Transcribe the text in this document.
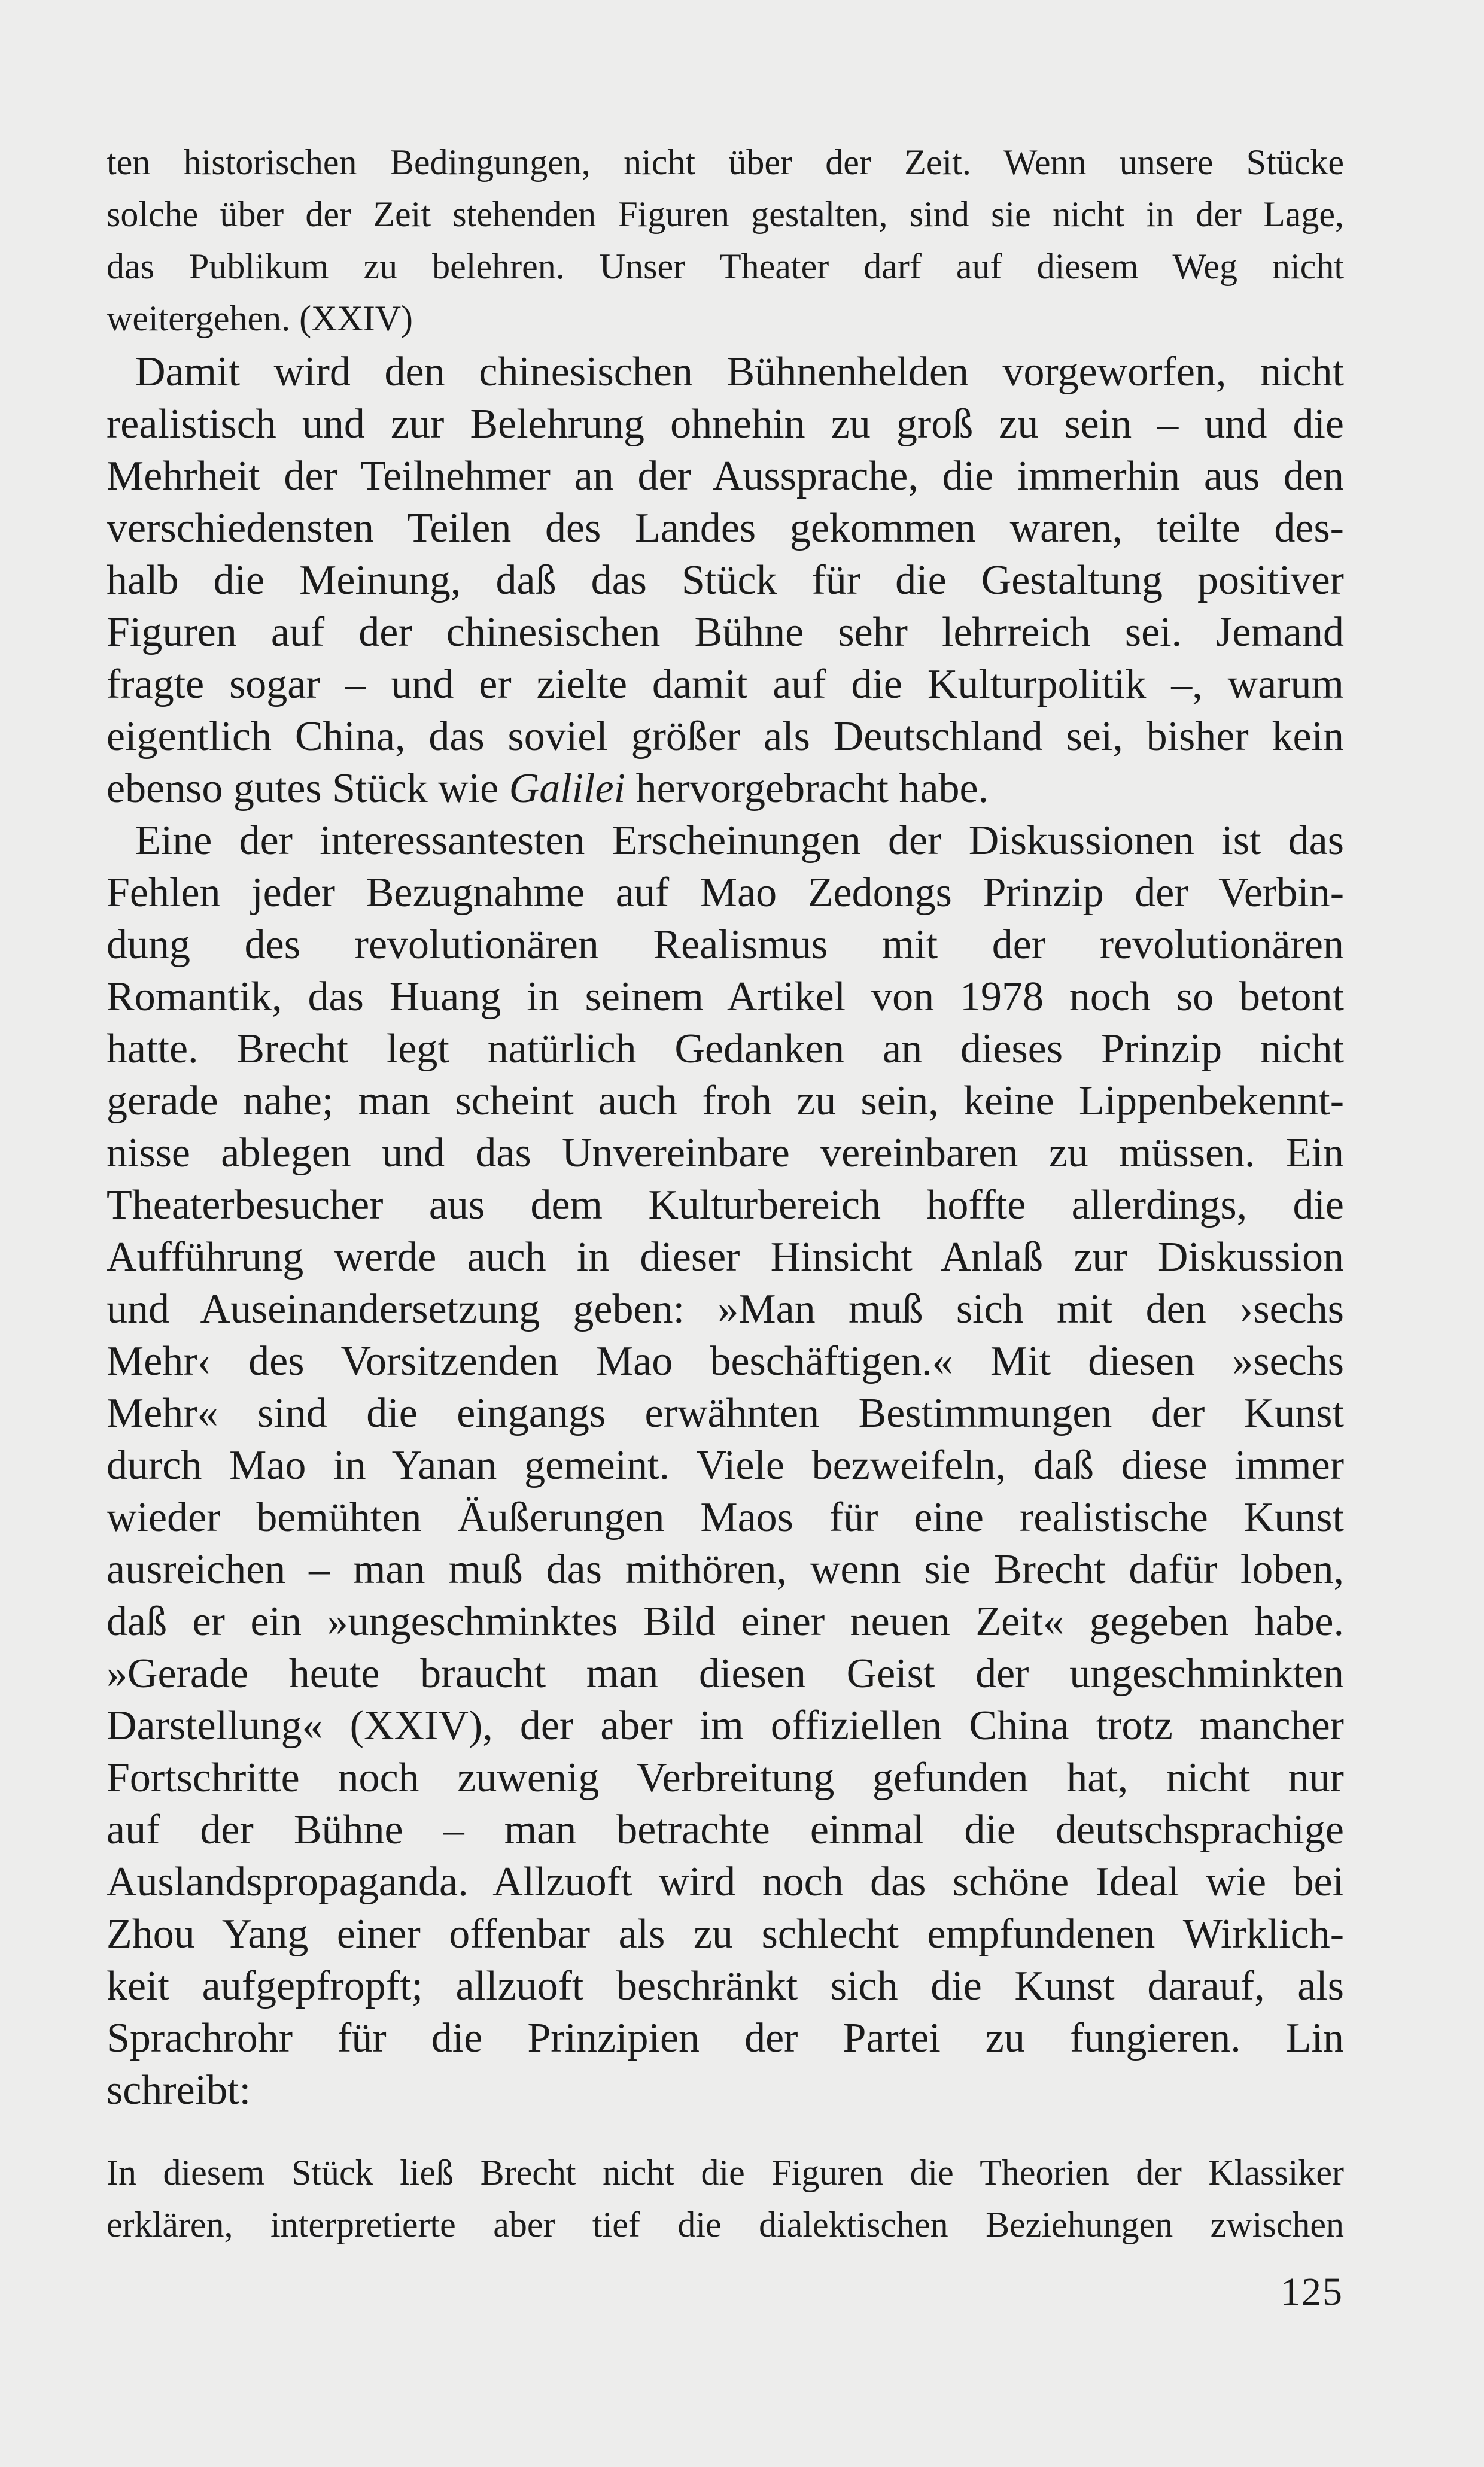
ten historischen Bedingungen, nicht über der Zeit. Wenn unsere Stücke
solche über der Zeit stehenden Figuren gestalten, sind sie nicht in der Lage,
das Publikum zu belehren. Unser Theater darf auf diesem Weg nicht
weitergehen. (XXIV)
Damit wird den chinesischen Bühnenhelden vorgeworfen, nicht
realistisch und zur Belehrung ohnehin zu groß zu sein – und die
Mehrheit der Teilnehmer an der Aussprache, die immerhin aus den
verschiedensten Teilen des Landes gekommen waren, teilte des-
halb die Meinung, daß das Stück für die Gestaltung positiver
Figuren auf der chinesischen Bühne sehr lehrreich sei. Jemand
fragte sogar – und er zielte damit auf die Kulturpolitik –, warum
eigentlich China, das soviel größer als Deutschland sei, bisher kein
ebenso gutes Stück wie Galilei hervorgebracht habe.
Eine der interessantesten Erscheinungen der Diskussionen ist das
Fehlen jeder Bezugnahme auf Mao Zedongs Prinzip der Verbin-
dung des revolutionären Realismus mit der revolutionären
Romantik, das Huang in seinem Artikel von 1978 noch so betont
hatte. Brecht legt natürlich Gedanken an dieses Prinzip nicht
gerade nahe; man scheint auch froh zu sein, keine Lippenbekennt-
nisse ablegen und das Unvereinbare vereinbaren zu müssen. Ein
Theaterbesucher aus dem Kulturbereich hoffte allerdings, die
Aufführung werde auch in dieser Hinsicht Anlaß zur Diskussion
und Auseinandersetzung geben: »Man muß sich mit den ›sechs
Mehr‹ des Vorsitzenden Mao beschäftigen.« Mit diesen »sechs
Mehr« sind die eingangs erwähnten Bestimmungen der Kunst
durch Mao in Yanan gemeint. Viele bezweifeln, daß diese immer
wieder bemühten Äußerungen Maos für eine realistische Kunst
ausreichen – man muß das mithören, wenn sie Brecht dafür loben,
daß er ein »ungeschminktes Bild einer neuen Zeit« gegeben habe.
»Gerade heute braucht man diesen Geist der ungeschminkten
Darstellung« (XXIV), der aber im offiziellen China trotz mancher
Fortschritte noch zuwenig Verbreitung gefunden hat, nicht nur
auf der Bühne – man betrachte einmal die deutschsprachige
Auslandspropaganda. Allzuoft wird noch das schöne Ideal wie bei
Zhou Yang einer offenbar als zu schlecht empfundenen Wirklich-
keit aufgepfropft; allzuoft beschränkt sich die Kunst darauf, als
Sprachrohr für die Prinzipien der Partei zu fungieren. Lin
schreibt:
In diesem Stück ließ Brecht nicht die Figuren die Theorien der Klassiker
erklären, interpretierte aber tief die dialektischen Beziehungen zwischen
125
